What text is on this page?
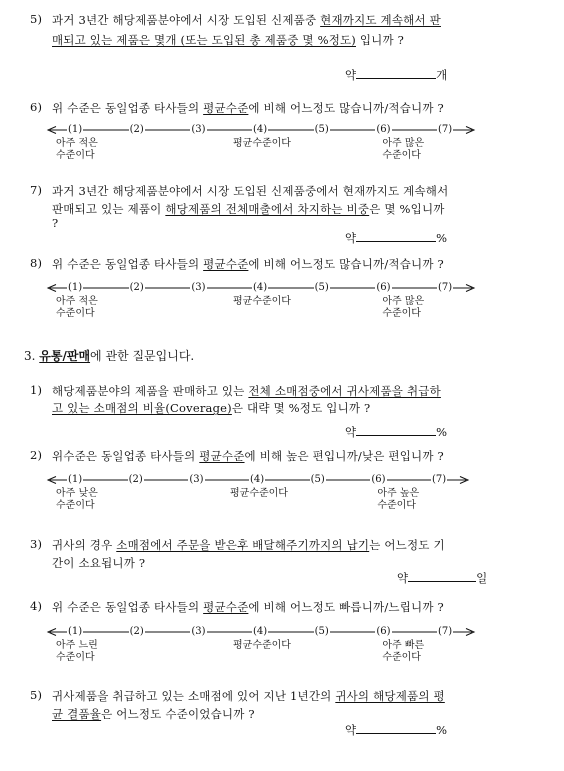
5) 과거 3년간 해당제품분야에서 시장 도입된 신제품중 현재까지도 계속해서 판
매되고 있는 제품은 몇개 (또는 도입된 총 제품중 몇 %정도) 입니까 ?
약	개
6) 위 수준은 동일업종 타사들의 평균수준에 비해 어느정도 많습니까/적습니까 ?
7) 과거 3년간 해당제품분야에서 시장 도입된 신제품중에서 현재까지도 계속해서
판매되고 있는 제품이 해당제품의 전체매출에서 차지하는 비중은 몇 %입니까
?
약	%
8) 위 수준은 동일업종 타사들의 평균수준에 비해 어느정도 많습니까/적습니까 ?
3. 유통/판매에 관한 질문입니다.
1) 해당제품분야의 제품을 판매하고 있는 전체 소매점중에서 귀사제품을 취급하
고 있는 소매점의 비율(Coverage)은 대략 몇 %정도 입니까 ?
약	%
2) 위수준은 동일업종 타사들의 평균수준에 비해 높은 편입니까/낮은 편입니까 ?
3) 귀사의 경우 소매점에서 주문을 받은후 배달해주기까지의 납기는 어느정도 기
간이 소요됩니까 ?
약	일
4) 위 수준은 동일업종 타사들의 평균수준에 비해 어느정도 빠릅니까/느립니까 ?
5) 귀사제품을 취급하고 있는 소매점에 있어 지난 1년간의 귀사의 해당제품의 평
균 결품율은 어느정도 수준이었습니까 ?
약	%
(1)	(2)	(3)	(4)	(5)	(6)	(7)
아주 적은
수준이다
평균수준이다	아주 많은
수준이다
(1)	(2)	(3)	(4)	(5)	(6)	(7)
아주 적은
수준이다
평균수준이다	아주 많은
수준이다
(1)	(2)	(3)	(4)	(5)	(6)	(7)
아주 낮은
수준이다
평균수준이다	아주 높은
수준이다
(1)	(2)	(3)	(4)	(5)	(6)	(7)
아주 느린
수준이다
평균수준이다	아주 빠른
수준이다
